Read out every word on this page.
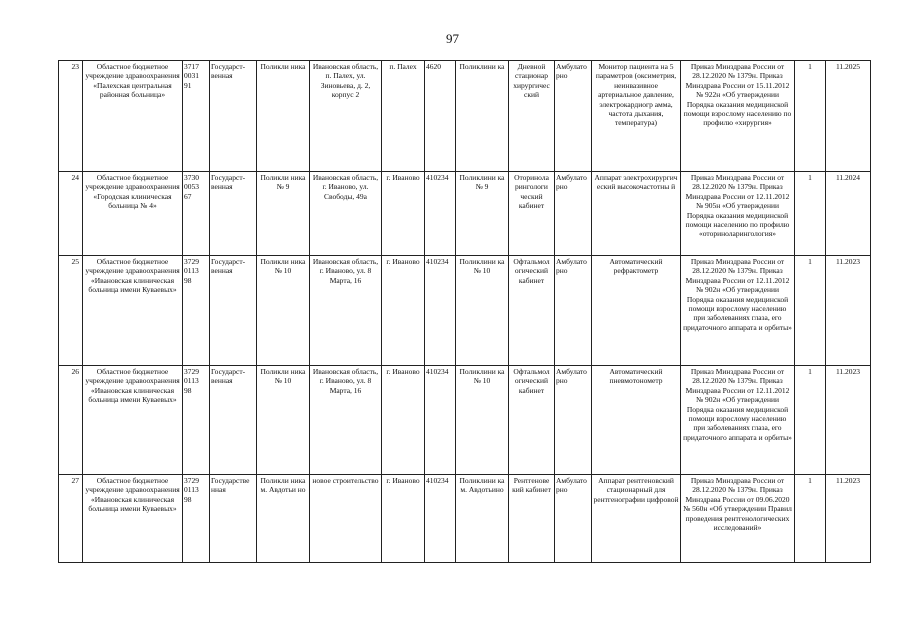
97
23	Областное бюджетное учреждение здравоохранения «Палехская центральная районная больница»	3717 0031 91	Государст-венная	Поликли ника	Ивановская область, п. Палех, ул. Зиновьева, д. 2, корпус 2	п. Палех	4620	Поликлини ка	Дневной стационар хирургичес ский	Амбулато рно	Монитор пациента на 5 параметров (оксиметрия, неинвазивное артериальное давление, электрокардиогр амма, частота дыхания, температура)	Приказ Минздрава России от 28.12.2020 № 1379н. Приказ Минздрава России от 15.11.2012 № 922н «Об утверждении Порядка оказания медицинской помощи взрослому населению по профилю «хирургия»	1	11.2025
24	Областное бюджетное учреждение здравоохранения «Городская клиническая больница № 4»	3730 0053 67	Государст-венная	Поликли ника № 9	Ивановская область, г. Иваново, ул. Свободы, 49а	г. Иваново	410234	Поликлини ка № 9	Оторинола рингологи ческий кабинет	Амбулато рно	Аппарат электрохирургич еский высокочастотны й	Приказ Минздрава России от 28.12.2020 № 1379н. Приказ Минздрава России от 12.11.2012 № 905н «Об утверждении Порядка оказания медицинской помощи населению по профилю «оториноларингология»	1	11.2024
25	Областное бюджетное учреждение здравоохранения «Ивановская клиническая больница имени Куваевых»	3729 0113 98	Государст-венная	Поликли ника № 10	Ивановская область, г. Иваново, ул. 8 Марта, 16	г. Иваново	410234	Поликлини ка № 10	Офтальмол огический кабинет	Амбулато рно	Автоматический рефрактометр	Приказ Минздрава России от 28.12.2020 № 1379н. Приказ Минздрава России от 12.11.2012 № 902н «Об утверждении Порядка оказания медицинской помощи взрослому населению при заболеваниях глаза, его придаточного аппарата и орбиты»	1	11.2023
26	Областное бюджетное учреждение здравоохранения «Ивановская клиническая больница имени Куваевых»	3729 0113 98	Государст-венная	Поликли ника № 10	Ивановская область, г. Иваново, ул. 8 Марта, 16	г. Иваново	410234	Поликлини ка № 10	Офтальмол огический кабинет	Амбулато рно	Автоматический пневмотонометр	Приказ Минздрава России от 28.12.2020 № 1379н. Приказ Минздрава России от 12.11.2012 № 902н «Об утверждении Порядка оказания медицинской помощи взрослому населению при заболеваниях глаза, его придаточного аппарата и орбиты»	1	11.2023
27	Областное бюджетное учреждение здравоохранения «Ивановская клиническая больница имени Куваевых»	3729 0113 98	Государстве нная	Поликли ника м. Авдотьи но	новое строительство	г. Иваново	410234	Поликлини ка м. Авдотьино	Рентгенове кий кабинет	Амбулато рно	Аппарат рентгеновский стационарный для рентгенографии цифровой	Приказ Минздрава России от 28.12.2020 № 1379н. Приказ Минздрава России от 09.06.2020 № 560н «Об утверждении Правил проведения рентгенологических исследований»	1	11.2023
